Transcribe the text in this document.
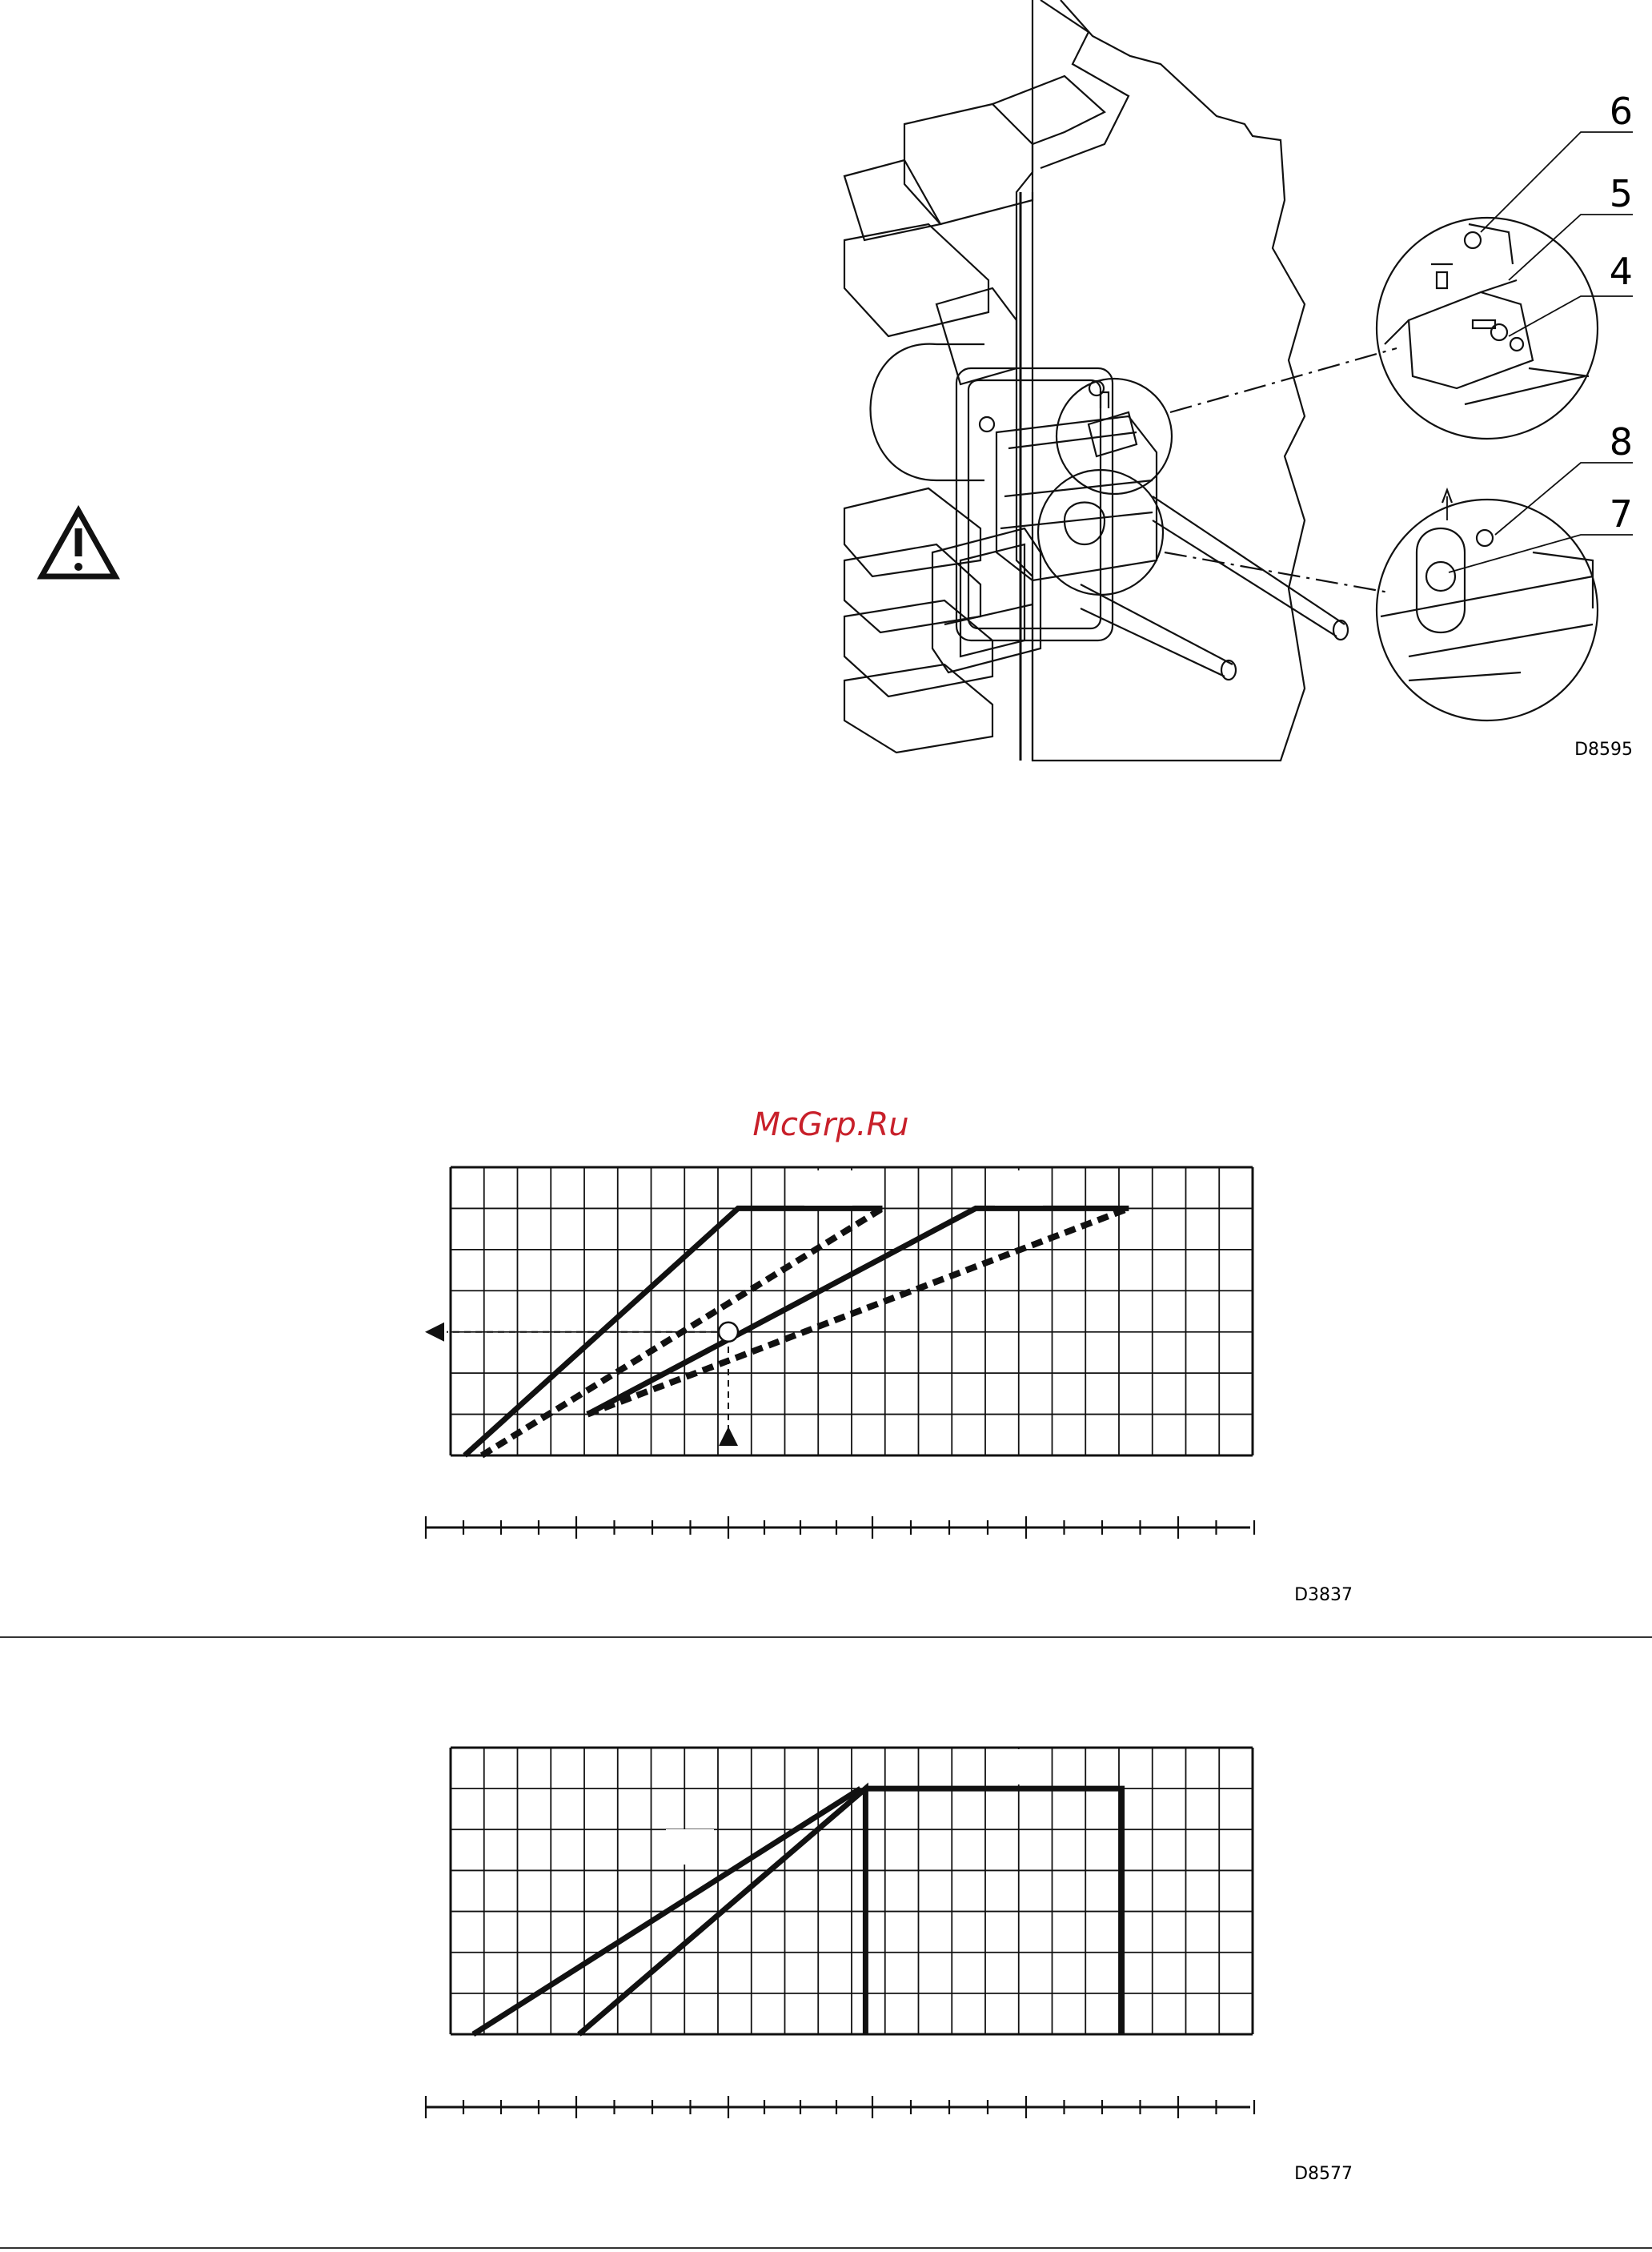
6
5
4
8
7
D8595
McGrp.Ru
D3837
D8577
